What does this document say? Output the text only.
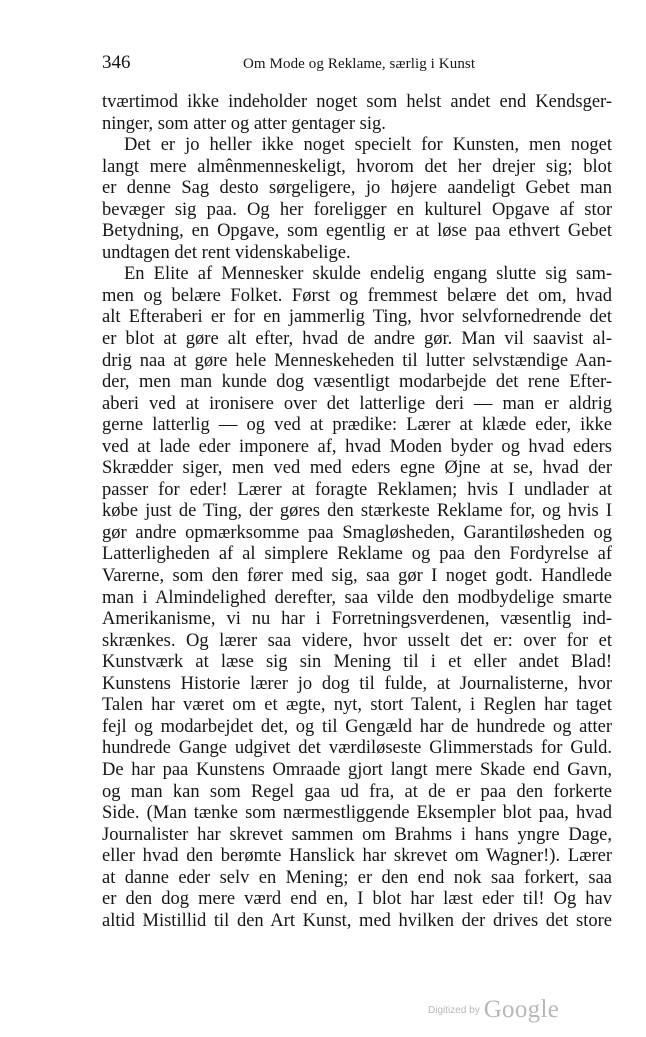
346	Om Mode og Reklame, særlig i Kunst
tværtimod ikke indeholder noget som helst andet end Kendsger-
ninger, som atter og atter gentager sig.
Det er jo heller ikke noget specielt for Kunsten, men noget
langt mere almênmenneskeligt, hvorom det her drejer sig; blot
er denne Sag desto sørgeligere, jo højere aandeligt Gebet man
bevæger sig paa. Og her foreligger en kulturel Opgave af stor
Betydning, en Opgave, som egentlig er at løse paa ethvert Gebet
undtagen det rent videnskabelige.
En Elite af Mennesker skulde endelig engang slutte sig sam-
men og belære Folket. Først og fremmest belære det om, hvad
alt Efteraberi er for en jammerlig Ting, hvor selvfornedrende det
er blot at gøre alt efter, hvad de andre gør. Man vil saavist al-
drig naa at gøre hele Menneskeheden til lutter selvstændige Aan-
der, men man kunde dog væsentligt modarbejde det rene Efter-
aberi ved at ironisere over det latterlige deri — man er aldrig
gerne latterlig — og ved at prædike: Lærer at klæde eder, ikke
ved at lade eder imponere af, hvad Moden byder og hvad eders
Skrædder siger, men ved med eders egne Øjne at se, hvad der
passer for eder! Lærer at foragte Reklamen; hvis I undlader at
købe just de Ting, der gøres den stærkeste Reklame for, og hvis I
gør andre opmærksomme paa Smagløsheden, Garantiløsheden og
Latterligheden af al simplere Reklame og paa den Fordyrelse af
Varerne, som den fører med sig, saa gør I noget godt. Handlede
man i Almindelighed derefter, saa vilde den modbydelige smarte
Amerikanisme, vi nu har i Forretningsverdenen, væsentlig ind-
skrænkes. Og lærer saa videre, hvor usselt det er: over for et
Kunstværk at læse sig sin Mening til i et eller andet Blad!
Kunstens Historie lærer jo dog til fulde, at Journalisterne, hvor
Talen har været om et ægte, nyt, stort Talent, i Reglen har taget
fejl og modarbejdet det, og til Gengæld har de hundrede og atter
hundrede Gange udgivet det værdiløseste Glimmerstads for Guld.
De har paa Kunstens Omraade gjort langt mere Skade end Gavn,
og man kan som Regel gaa ud fra, at de er paa den forkerte
Side. (Man tænke som nærmestliggende Eksempler blot paa, hvad
Journalister har skrevet sammen om Brahms i hans yngre Dage,
eller hvad den berømte Hanslick har skrevet om Wagner!). Lærer
at danne eder selv en Mening; er den end nok saa forkert, saa
er den dog mere værd end en, I blot har læst eder til! Og hav
altid Mistillid til den Art Kunst, med hvilken der drives det store
$^{Digitized by}$ Google
